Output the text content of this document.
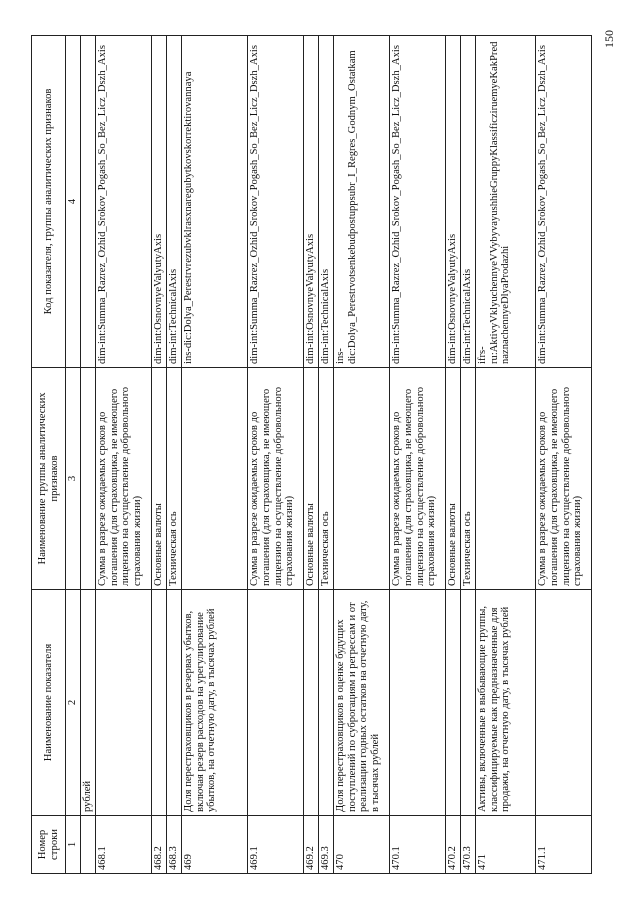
150
Номер строки	Наименование показателя	Наименование группы аналитических признаков	Код показателя, группы аналитических признаков
1	2	3	4
	рублей		
468.1		Сумма в разрезе ожидаемых сроков до погашения (для страховщика, не имеющего лицензию на осуществление добровольного страхования жизни)	dim-int:Summa_Razrez_Ozhid_Srokov_Pogash_So_Bez_Licz_Dszh_Axis
468.2		Основные валюты	dim-int:OsnovnyeValyutyAxis
468.3		Техническая ось	dim-int:TechnicalAxis
469	Доля перестраховщиков в резервах убытков, включая резерв расходов на урегулирование убытков, на отчетную дату, в тысячах рублей		ins-dic:Dolya_Perestrvrezubvklrasxnaregubytkovskorrektirovannaya
469.1		Сумма в разрезе ожидаемых сроков до погашения (для страховщика, не имеющего лицензию на осуществление добровольного страхования жизни)	dim-int:Summa_Razrez_Ozhid_Srokov_Pogash_So_Bez_Licz_Dszh_Axis
469.2		Основные валюты	dim-int:OsnovnyeValyutyAxis
469.3		Техническая ось	dim-int:TechnicalAxis
470	Доля перестраховщиков в оценке будущих поступлений по суброгациям и регрессам и от реализации годных остатков на отчетную дату, в тысячах рублей		ins-dic:Dolya_Perestrvotsenkebudpostuppsubr_I_Regres_Godnym_Ostatkam
470.1		Сумма в разрезе ожидаемых сроков до погашения (для страховщика, не имеющего лицензию на осуществление добровольного страхования жизни)	dim-int:Summa_Razrez_Ozhid_Srokov_Pogash_So_Bez_Licz_Dszh_Axis
470.2		Основные валюты	dim-int:OsnovnyeValyutyAxis
470.3		Техническая ось	dim-int:TechnicalAxis
471	Активы, включенные в выбывающие группы, классифицируемые как предназначенные для продажи, на отчетную дату, в тысячах рублей		ifrs-ru:AktivyVklyuchennyeVVybyvayushhieGruppyKlassificziruemyeKakPrednaznachennyeDlyaProdazhi
471.1		Сумма в разрезе ожидаемых сроков до погашения (для страховщика, не имеющего лицензию на осуществление добровольного страхования жизни)	dim-int:Summa_Razrez_Ozhid_Srokov_Pogash_So_Bez_Licz_Dszh_Axis
